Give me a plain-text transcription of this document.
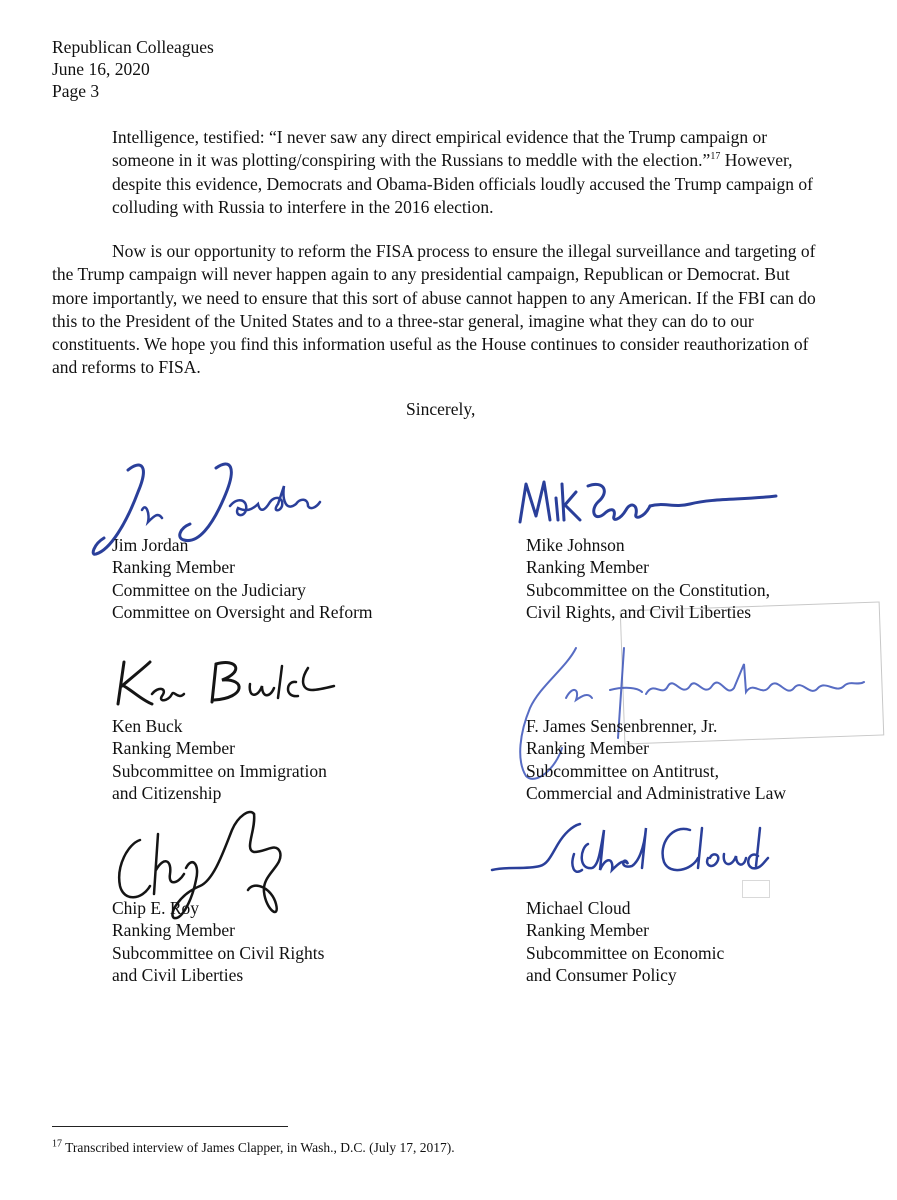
Republican Colleagues
June 16, 2020
Page 3
Intelligence, testified: “I never saw any direct empirical evidence that the Trump campaign or someone in it was plotting/conspiring with the Russians to meddle with the election.”$^{17}$ However, despite this evidence, Democrats and Obama-Biden officials loudly accused the Trump campaign of colluding with Russia to interfere in the 2016 election.
Now is our opportunity to reform the FISA process to ensure the illegal surveillance and targeting of the Trump campaign will never happen again to any presidential campaign, Republican or Democrat. But more importantly, we need to ensure that this sort of abuse cannot happen to any American. If the FBI can do this to the President of the United States and to a three-star general, imagine what they can do to our constituents. We hope you find this information useful as the House continues to consider reauthorization of and reforms to FISA.
Sincerely,
Jim Jordan
Ranking Member
Committee on the Judiciary
Committee on Oversight and Reform
Mike Johnson
Ranking Member
Subcommittee on the Constitution,
Civil Rights, and Civil Liberties
Ken Buck
Ranking Member
Subcommittee on Immigration
and Citizenship
F. James Sensenbrenner, Jr.
Ranking Member
Subcommittee on Antitrust,
Commercial and Administrative Law
Chip E. Roy
Ranking Member
Subcommittee on Civil Rights
and Civil Liberties
Michael Cloud
Ranking Member
Subcommittee on Economic
and Consumer Policy
$^{17}$ Transcribed interview of James Clapper, in Wash., D.C. (July 17, 2017).
